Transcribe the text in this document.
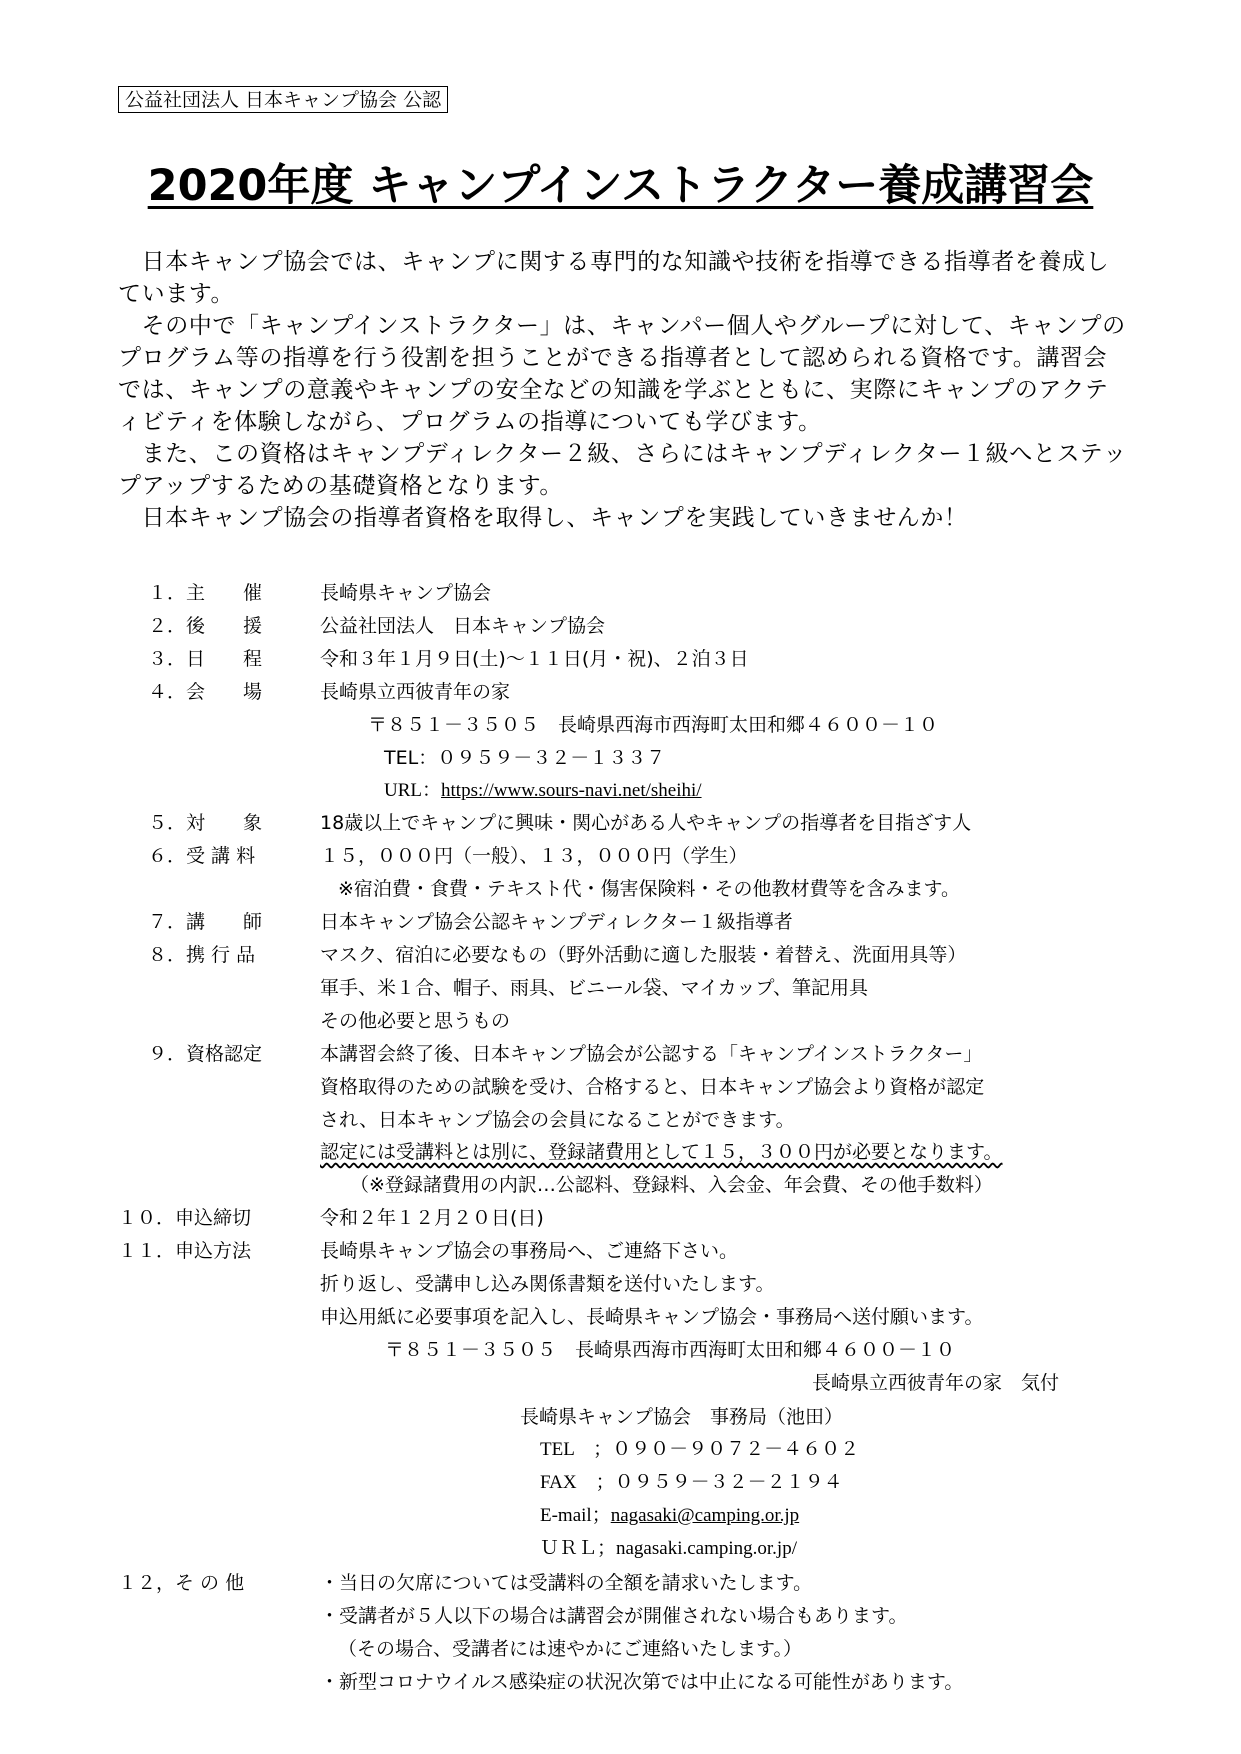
公益社団法人 日本キャンプ協会 公認
2020年度 キャンプインストラクター養成講習会

　日本キャンプ協会では、キャンプに関する専門的な知識や技術を指導できる指導者を養成しています。

　その中で「キャンプインストラクター」は、キャンパー個人やグループに対して、キャンプのプログラム等の指導を行う役割を担うことができる指導者として認められる資格です。講習会では、キャンプの意義やキャンプの安全などの知識を学ぶとともに、実際にキャンプのアクティビティを体験しながら、プログラムの指導についても学びます。

　また、この資格はキャンプディレクター２級、さらにはキャンプディレクター１級へとステップアップするための基礎資格となります。

　日本キャンプ協会の指導者資格を取得し、キャンプを実践していきませんか！

１．主　　催	長崎県キャンプ協会
２．後　　援	公益社団法人　日本キャンプ協会
３．日　　程	令和３年１月９日(土)～１１日(月・祝)、２泊３日
４．会　　場	長崎県立西彼青年の家
〒８５１－３５０５　長崎県西海市西海町太田和郷４６００－１０
TEL：０９５９－３２－１３３７
URL：https://www.sours-navi.net/sheihi/
５．対　　象	18歳以上でキャンプに興味・関心がある人やキャンプの指導者を目指ざす人
６．受 講 料	１５，０００円（一般）、１３，０００円（学生）
※宿泊費・食費・テキスト代・傷害保険料・その他教材費等を含みます。
７．講　　師	日本キャンプ協会公認キャンプディレクター１級指導者
８．携 行 品	マスク、宿泊に必要なもの（野外活動に適した服装・着替え、洗面用具等）
軍手、米１合、帽子、雨具、ビニール袋、マイカップ、筆記用具
その他必要と思うもの
９．資格認定	本講習会終了後、日本キャンプ協会が公認する「キャンプインストラクター」
資格取得のための試験を受け、合格すると、日本キャンプ協会より資格が認定
され、日本キャンプ協会の会員になることができます。
認定には受講料とは別に、登録諸費用として１５，３００円が必要となります。
（※登録諸費用の内訳…公認料、登録料、入会金、年会費、その他手数料）
１０．申込締切	令和２年１２月２０日(日)
１１．申込方法	長崎県キャンプ協会の事務局へ、ご連絡下さい。
折り返し、受講申し込み関係書類を送付いたします。
申込用紙に必要事項を記入し、長崎県キャンプ協会・事務局へ送付願います。
〒８５１－３５０５　長崎県西海市西海町太田和郷４６００－１０
長崎県立西彼青年の家　気付
長崎県キャンプ協会　事務局（池田）
TEL　；０９０－９０７２－４６０２
FAX　；０９５９－３２－２１９４
E-mail；nagasaki@camping.or.jp
ＵＲＬ；nagasaki.camping.or.jp/
１２，そ の 他	・当日の欠席については受講料の全額を請求いたします。
・受講者が５人以下の場合は講習会が開催されない場合もあります。
（その場合、受講者には速やかにご連絡いたします。）
・新型コロナウイルス感染症の状況次第では中止になる可能性があります。
